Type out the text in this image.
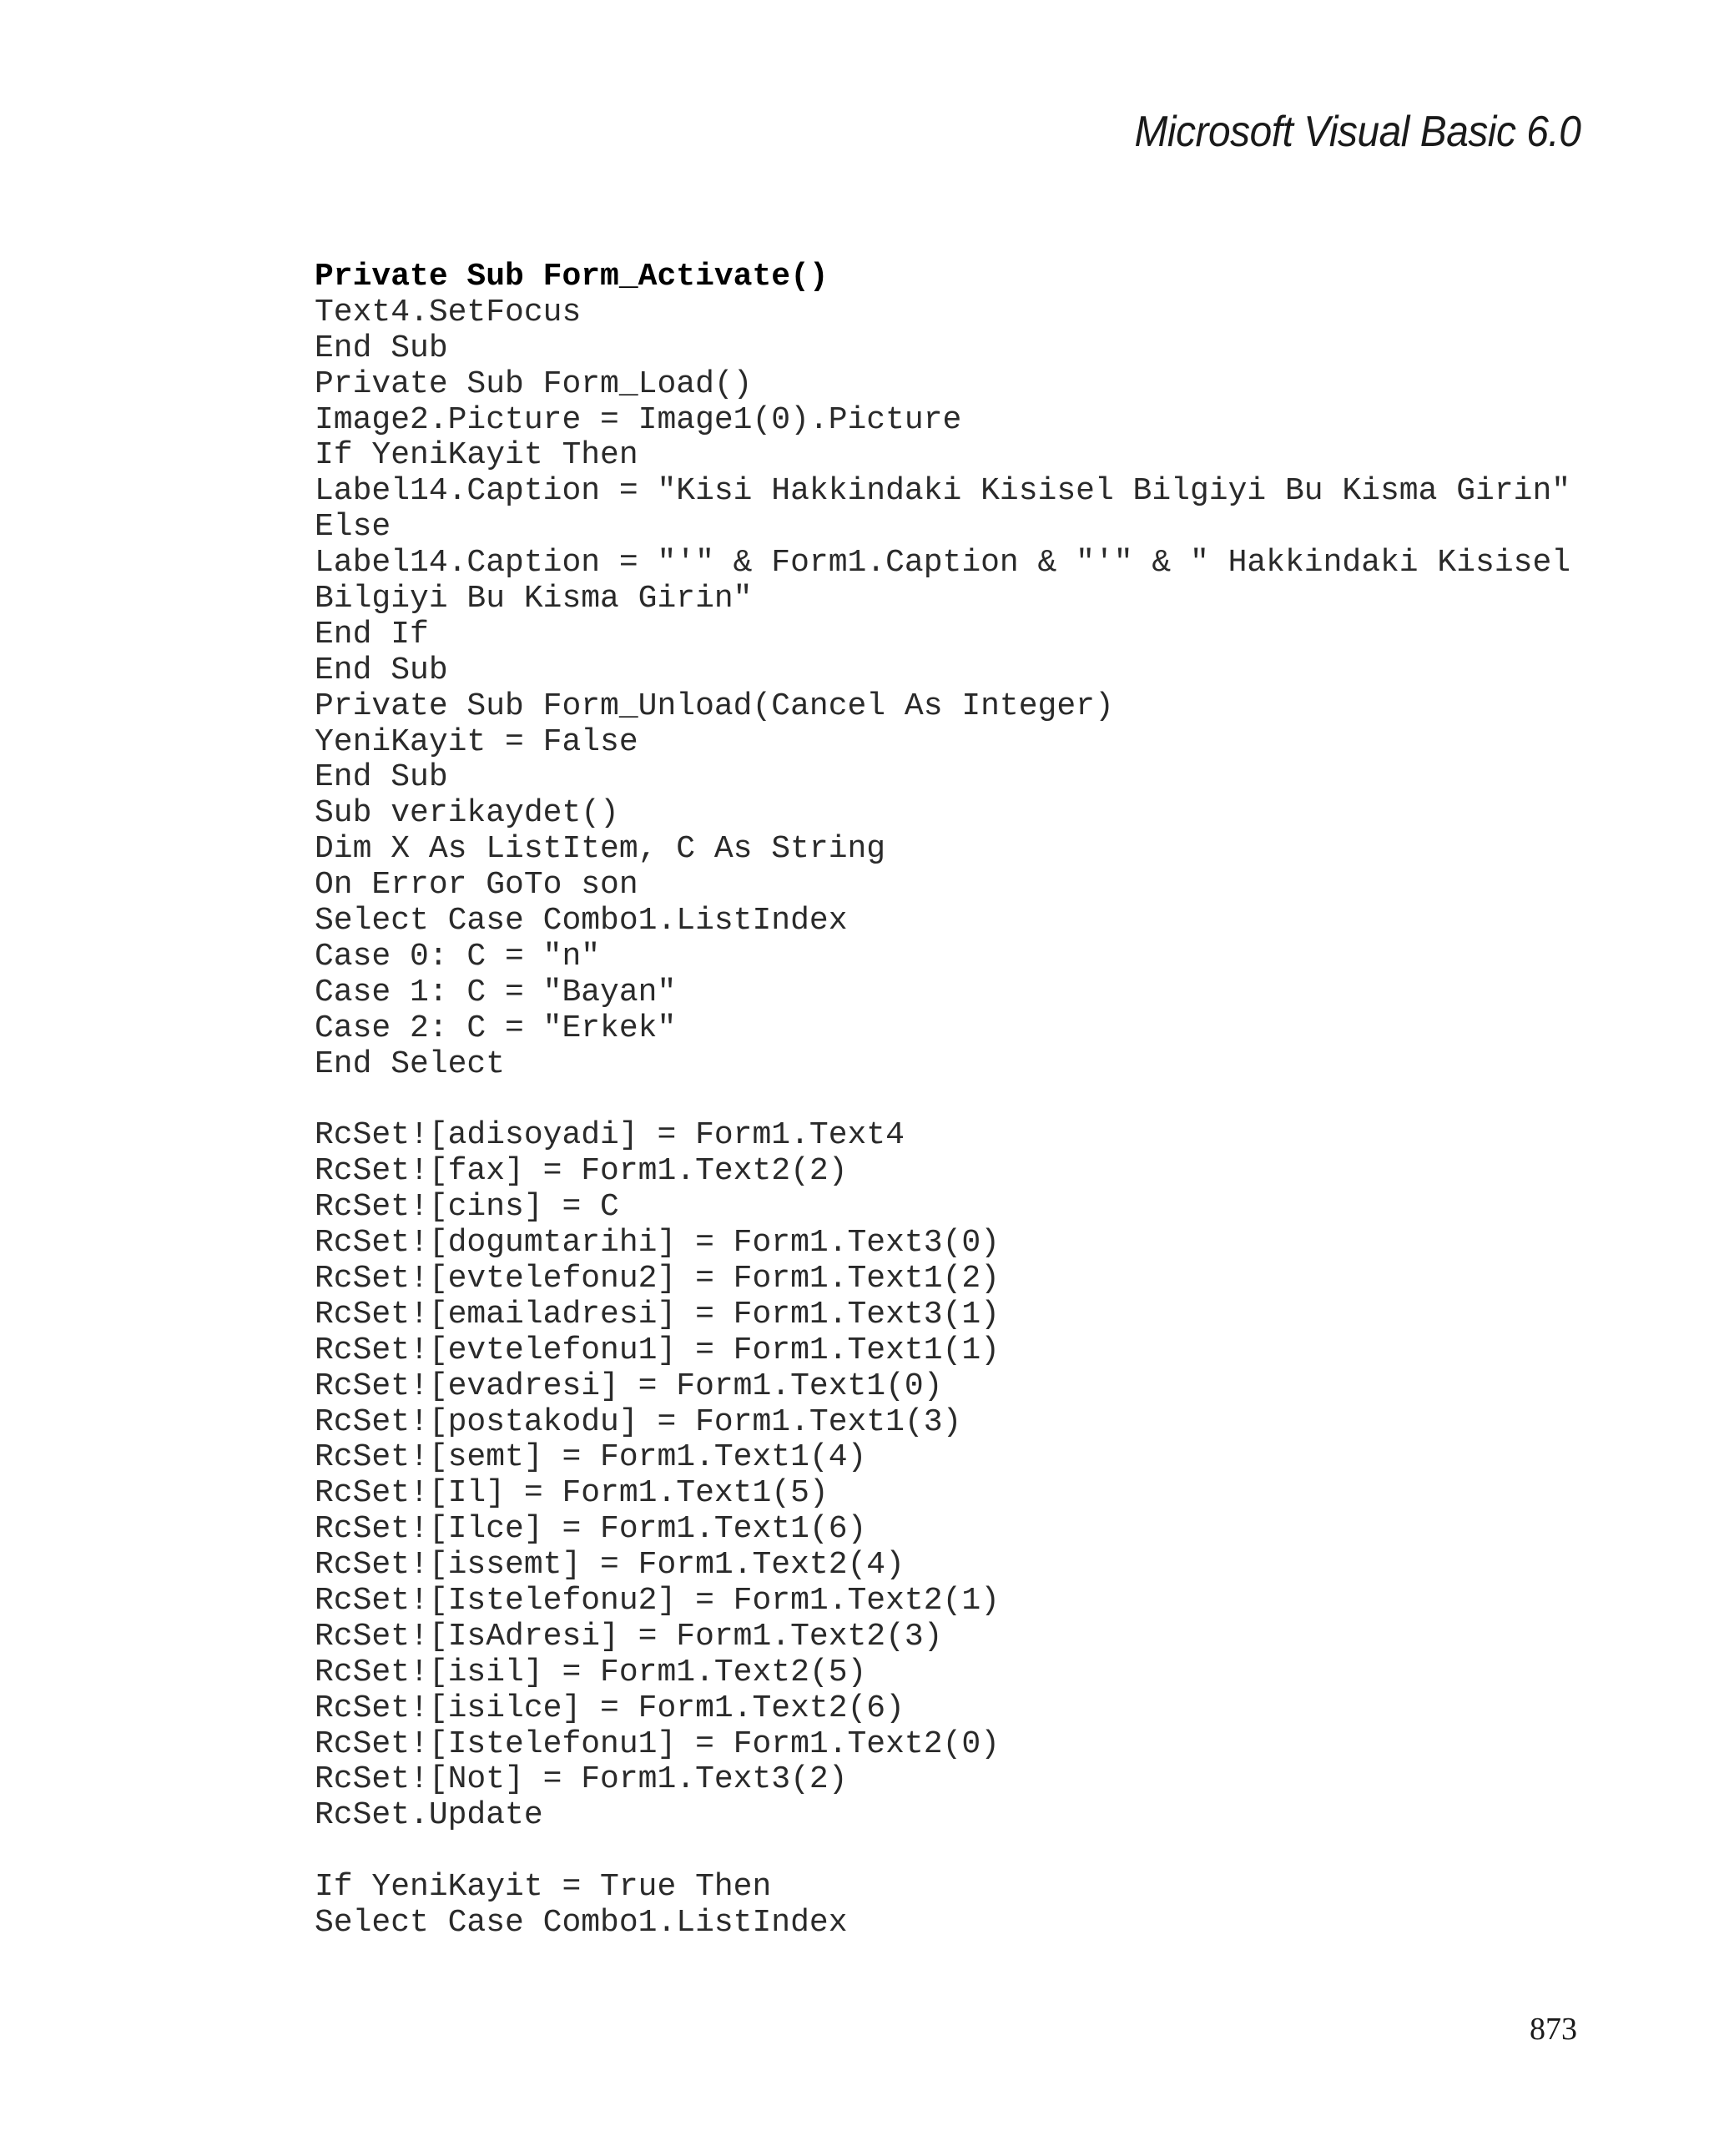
Microsoft Visual Basic 6.0
Private Sub Form_Activate()
Text4.SetFocus
End Sub
Private Sub Form_Load()
Image2.Picture = Image1(0).Picture
If YeniKayit Then
Label14.Caption = "Kisi Hakkindaki Kisisel Bilgiyi Bu Kisma Girin"
Else
Label14.Caption = "'" & Form1.Caption & "'" & " Hakkindaki Kisisel
Bilgiyi Bu Kisma Girin"
End If
End Sub
Private Sub Form_Unload(Cancel As Integer)
YeniKayit = False
End Sub
Sub verikaydet()
Dim X As ListItem, C As String
On Error GoTo son
Select Case Combo1.ListIndex
Case 0: C = "n"
Case 1: C = "Bayan"
Case 2: C = "Erkek"
End Select
RcSet![adisoyadi] = Form1.Text4
RcSet![fax] = Form1.Text2(2)
RcSet![cins] = C
RcSet![dogumtarihi] = Form1.Text3(0)
RcSet![evtelefonu2] = Form1.Text1(2)
RcSet![emailadresi] = Form1.Text3(1)
RcSet![evtelefonu1] = Form1.Text1(1)
RcSet![evadresi] = Form1.Text1(0)
RcSet![postakodu] = Form1.Text1(3)
RcSet![semt] = Form1.Text1(4)
RcSet![Il] = Form1.Text1(5)
RcSet![Ilce] = Form1.Text1(6)
RcSet![issemt] = Form1.Text2(4)
RcSet![Istelefonu2] = Form1.Text2(1)
RcSet![IsAdresi] = Form1.Text2(3)
RcSet![isil] = Form1.Text2(5)
RcSet![isilce] = Form1.Text2(6)
RcSet![Istelefonu1] = Form1.Text2(0)
RcSet![Not] = Form1.Text3(2)
RcSet.Update
If YeniKayit = True Then
Select Case Combo1.ListIndex
873
